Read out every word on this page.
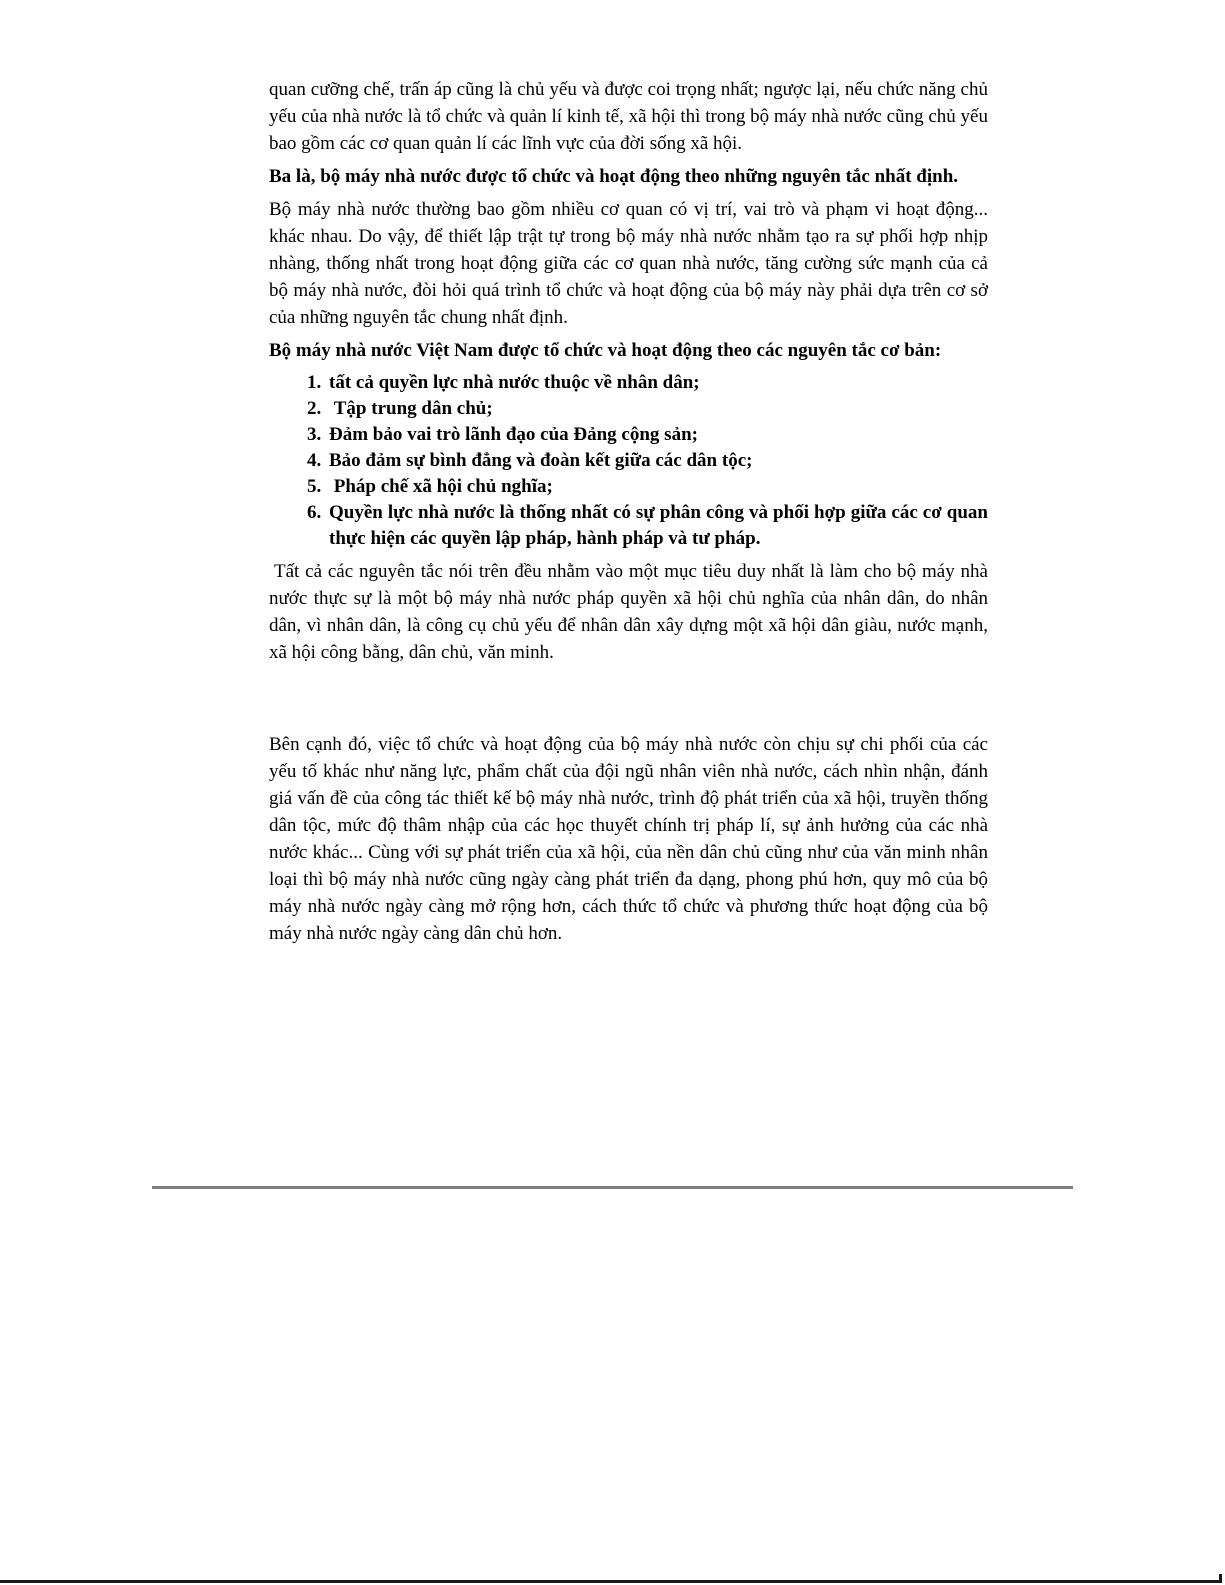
quan cưỡng chế, trấn áp cũng là chủ yếu và được coi trọng nhất; ngược lại, nếu chức năng chủ yếu của nhà nước là tổ chức và quản lí kinh tế, xã hội thì trong bộ máy nhà nước cũng chủ yếu bao gồm các cơ quan quản lí các lĩnh vực của đời sống xã hội.

Ba là, bộ máy nhà nước được tổ chức và hoạt động theo những nguyên tắc nhất định.

Bộ máy nhà nước thường bao gồm nhiều cơ quan có vị trí, vai trò và phạm vi hoạt động... khác nhau. Do vậy, để thiết lập trật tự trong bộ máy nhà nước nhằm tạo ra sự phối hợp nhịp nhàng, thống nhất trong hoạt động giữa các cơ quan nhà nước, tăng cường sức mạnh của cả bộ máy nhà nước, đòi hỏi quá trình tổ chức và hoạt động của bộ máy này phải dựa trên cơ sở của những nguyên tắc chung nhất định.

Bộ máy nhà nước Việt Nam được tổ chức và hoạt động theo các nguyên tắc cơ bản:

1. tất cả quyền lực nhà nước thuộc về nhân dân;
2.  Tập trung dân chủ;
3. Đảm bảo vai trò lãnh đạo của Đảng cộng sản;
4. Bảo đảm sự bình đẳng và đoàn kết giữa các dân tộc;
5.  Pháp chế xã hội chủ nghĩa;
6. Quyền lực nhà nước là thống nhất có sự phân công và phối hợp giữa các cơ quan thực hiện các quyền lập pháp, hành pháp và tư pháp.

Tất cả các nguyên tắc nói trên đều nhằm vào một mục tiêu duy nhất là làm cho bộ máy nhà nước thực sự là một bộ máy nhà nước pháp quyền xã hội chủ nghĩa của nhân dân, do nhân dân, vì nhân dân, là công cụ chủ yếu để nhân dân xây dựng một xã hội dân giàu, nước mạnh, xã hội công bằng, dân chủ, văn minh.

Bên cạnh đó, việc tổ chức và hoạt động của bộ máy nhà nước còn chịu sự chi phối của các yếu tố khác như năng lực, phẩm chất của đội ngũ nhân viên nhà nước, cách nhìn nhận, đánh giá vấn đề của công tác thiết kế bộ máy nhà nước, trình độ phát triển của xã hội, truyền thống dân tộc, mức độ thâm nhập của các học thuyết chính trị pháp lí, sự ảnh hưởng của các nhà nước khác... Cùng với sự phát triển của xã hội, của nền dân chủ cũng như của văn minh nhân loại thì bộ máy nhà nước cũng ngày càng phát triển đa dạng, phong phú hơn, quy mô của bộ máy nhà nước ngày càng mở rộng hơn, cách thức tổ chức và phương thức hoạt động của bộ máy nhà nước ngày càng dân chủ hơn.
